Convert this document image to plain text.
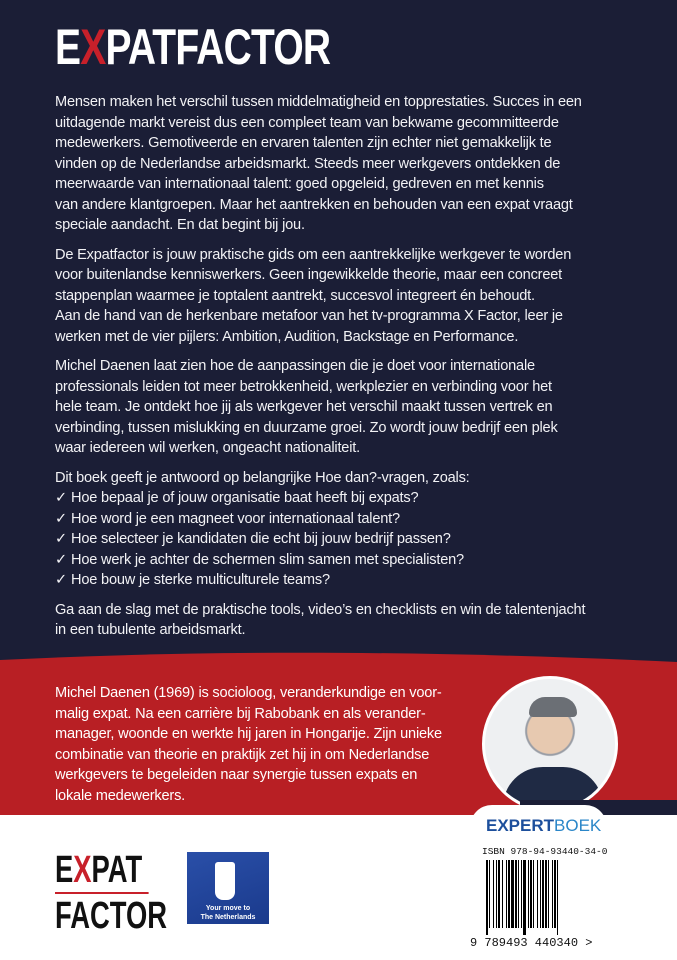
EXPATFACTOR
Mensen maken het verschil tussen middelmatigheid en topprestaties. Succes in een
uitdagende markt vereist dus een compleet team van bekwame gecommitteerde
medewerkers. Gemotiveerde en ervaren talenten zijn echter niet gemakkelijk te
vinden op de Nederlandse arbeidsmarkt. Steeds meer werkgevers ontdekken de
meerwaarde van internationaal talent: goed opgeleid, gedreven en met kennis
van andere klantgroepen. Maar het aantrekken en behouden van een expat vraagt
speciale aandacht. En dat begint bij jou.
De Expatfactor is jouw praktische gids om een aantrekkelijke werkgever te worden
voor buitenlandse kenniswerkers. Geen ingewikkelde theorie, maar een concreet
stappenplan waarmee je toptalent aantrekt, succesvol integreert én behoudt.
Aan de hand van de herkenbare metafoor van het tv-programma X Factor, leer je
werken met de vier pijlers: Ambition, Audition, Backstage en Performance.
Michel Daenen laat zien hoe de aanpassingen die je doet voor internationale
professionals leiden tot meer betrokkenheid, werkplezier en verbinding voor het
hele team. Je ontdekt hoe jij als werkgever het verschil maakt tussen vertrek en
verbinding, tussen mislukking en duurzame groei. Zo wordt jouw bedrijf een plek
waar iedereen wil werken, ongeacht nationaliteit.
Dit boek geeft je antwoord op belangrijke Hoe dan?-vragen, zoals:
✓ Hoe bepaal je of jouw organisatie baat heeft bij expats?
✓ Hoe word je een magneet voor internationaal talent?
✓ Hoe selecteer je kandidaten die echt bij jouw bedrijf passen?
✓ Hoe werk je achter de schermen slim samen met specialisten?
✓ Hoe bouw je sterke multiculturele teams?
Ga aan de slag met de praktische tools, video’s en checklists en win de talentenjacht
in een tubulente arbeidsmarkt.
Michel Daenen (1969) is socioloog, veranderkundige en voor-
malig expat. Na een carrière bij Rabobank en als verander-
manager, woonde en werkte hij jaren in Hongarije. Zijn unieke
combinatie van theorie en praktijk zet hij in om Nederlandse
werkgevers te begeleiden naar synergie tussen expats en
lokale medewerkers.
EXPAT
FACTOR	Your move to
The Netherlands
EXPERTBOEK
ISBN 978-94-93440-34-0
9 789493 440340 >
